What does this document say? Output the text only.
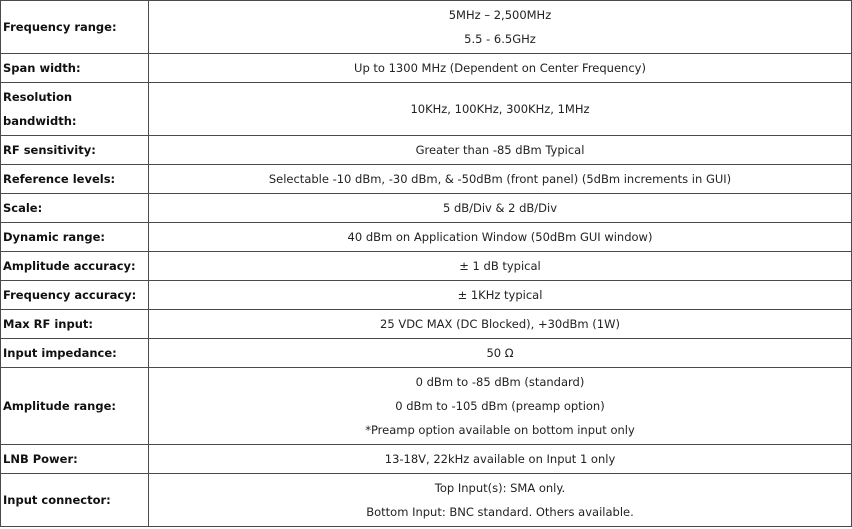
Frequency range:	5MHz – 2,500MHz
5.5 - 6.5GHz

Span width:	Up to 1300 MHz (Dependent on Center Frequency)

Resolution bandwidth:	10KHz, 100KHz, 300KHz, 1MHz

RF sensitivity:	Greater than -85 dBm Typical

Reference levels:	Selectable -10 dBm, -30 dBm, & -50dBm (front panel) (5dBm increments in GUI)

Scale:	5 dB/Div & 2 dB/Div

Dynamic range:	40 dBm on Application Window (50dBm GUI window)

Amplitude accuracy:	± 1 dB typical

Frequency accuracy:	± 1KHz typical

Max RF input:	25 VDC MAX (DC Blocked), +30dBm (1W)

Input impedance:	50 Ω

Amplitude range:	0 dBm to -85 dBm (standard)
0 dBm to -105 dBm (preamp option)
*Preamp option available on bottom input only

LNB Power:	13-18V, 22kHz available on Input 1 only

Input connector:	Top Input(s): SMA only.
Bottom Input: BNC standard. Others available.
